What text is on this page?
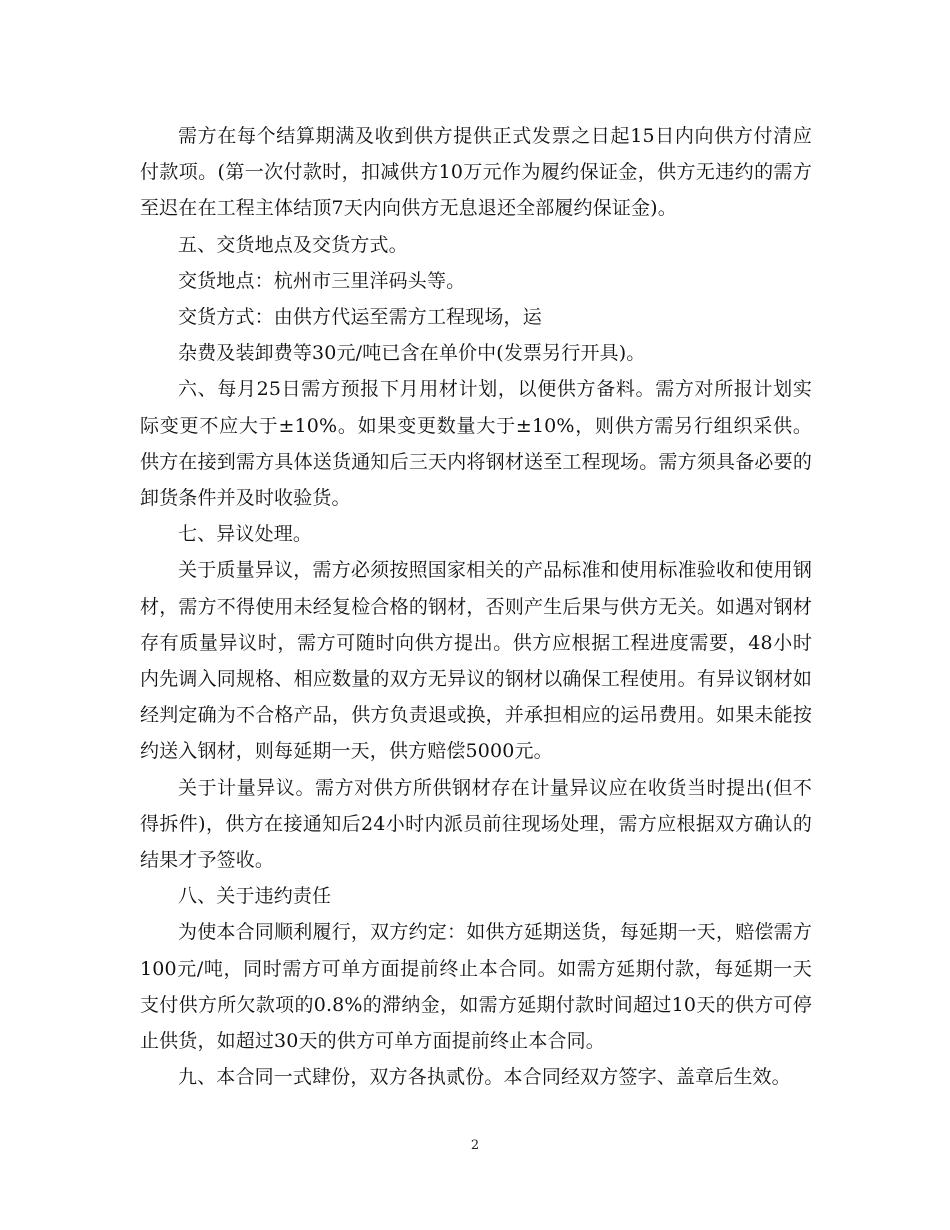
需方在每个结算期满及收到供方提供正式发票之日起15日内向供方付清应付款项。(第一次付款时，扣减供方10万元作为履约保证金，供方无违约的需方至迟在在工程主体结顶7天内向供方无息退还全部履约保证金)。

五、交货地点及交货方式。

交货地点：杭州市三里洋码头等。

交货方式：由供方代运至需方工程现场，运

杂费及装卸费等30元/吨已含在单价中(发票另行开具)。

六、每月25日需方预报下月用材计划，以便供方备料。需方对所报计划实际变更不应大于±10%。如果变更数量大于±10%，则供方需另行组织采供。供方在接到需方具体送货通知后三天内将钢材送至工程现场。需方须具备必要的卸货条件并及时收验货。

七、异议处理。

关于质量异议，需方必须按照国家相关的产品标准和使用标准验收和使用钢材，需方不得使用未经复检合格的钢材，否则产生后果与供方无关。如遇对钢材存有质量异议时，需方可随时向供方提出。供方应根据工程进度需要，48小时内先调入同规格、相应数量的双方无异议的钢材以确保工程使用。有异议钢材如经判定确为不合格产品，供方负责退或换，并承担相应的运吊费用。如果未能按约送入钢材，则每延期一天，供方赔偿5000元。

关于计量异议。需方对供方所供钢材存在计量异议应在收货当时提出(但不得拆件)，供方在接通知后24小时内派员前往现场处理，需方应根据双方确认的结果才予签收。

八、关于违约责任

为使本合同顺利履行，双方约定：如供方延期送货，每延期一天，赔偿需方100元/吨，同时需方可单方面提前终止本合同。如需方延期付款，每延期一天支付供方所欠款项的0.8%的滞纳金，如需方延期付款时间超过10天的供方可停止供货，如超过30天的供方可单方面提前终止本合同。

九、本合同一式肆份，双方各执贰份。本合同经双方签字、盖章后生效。

2
